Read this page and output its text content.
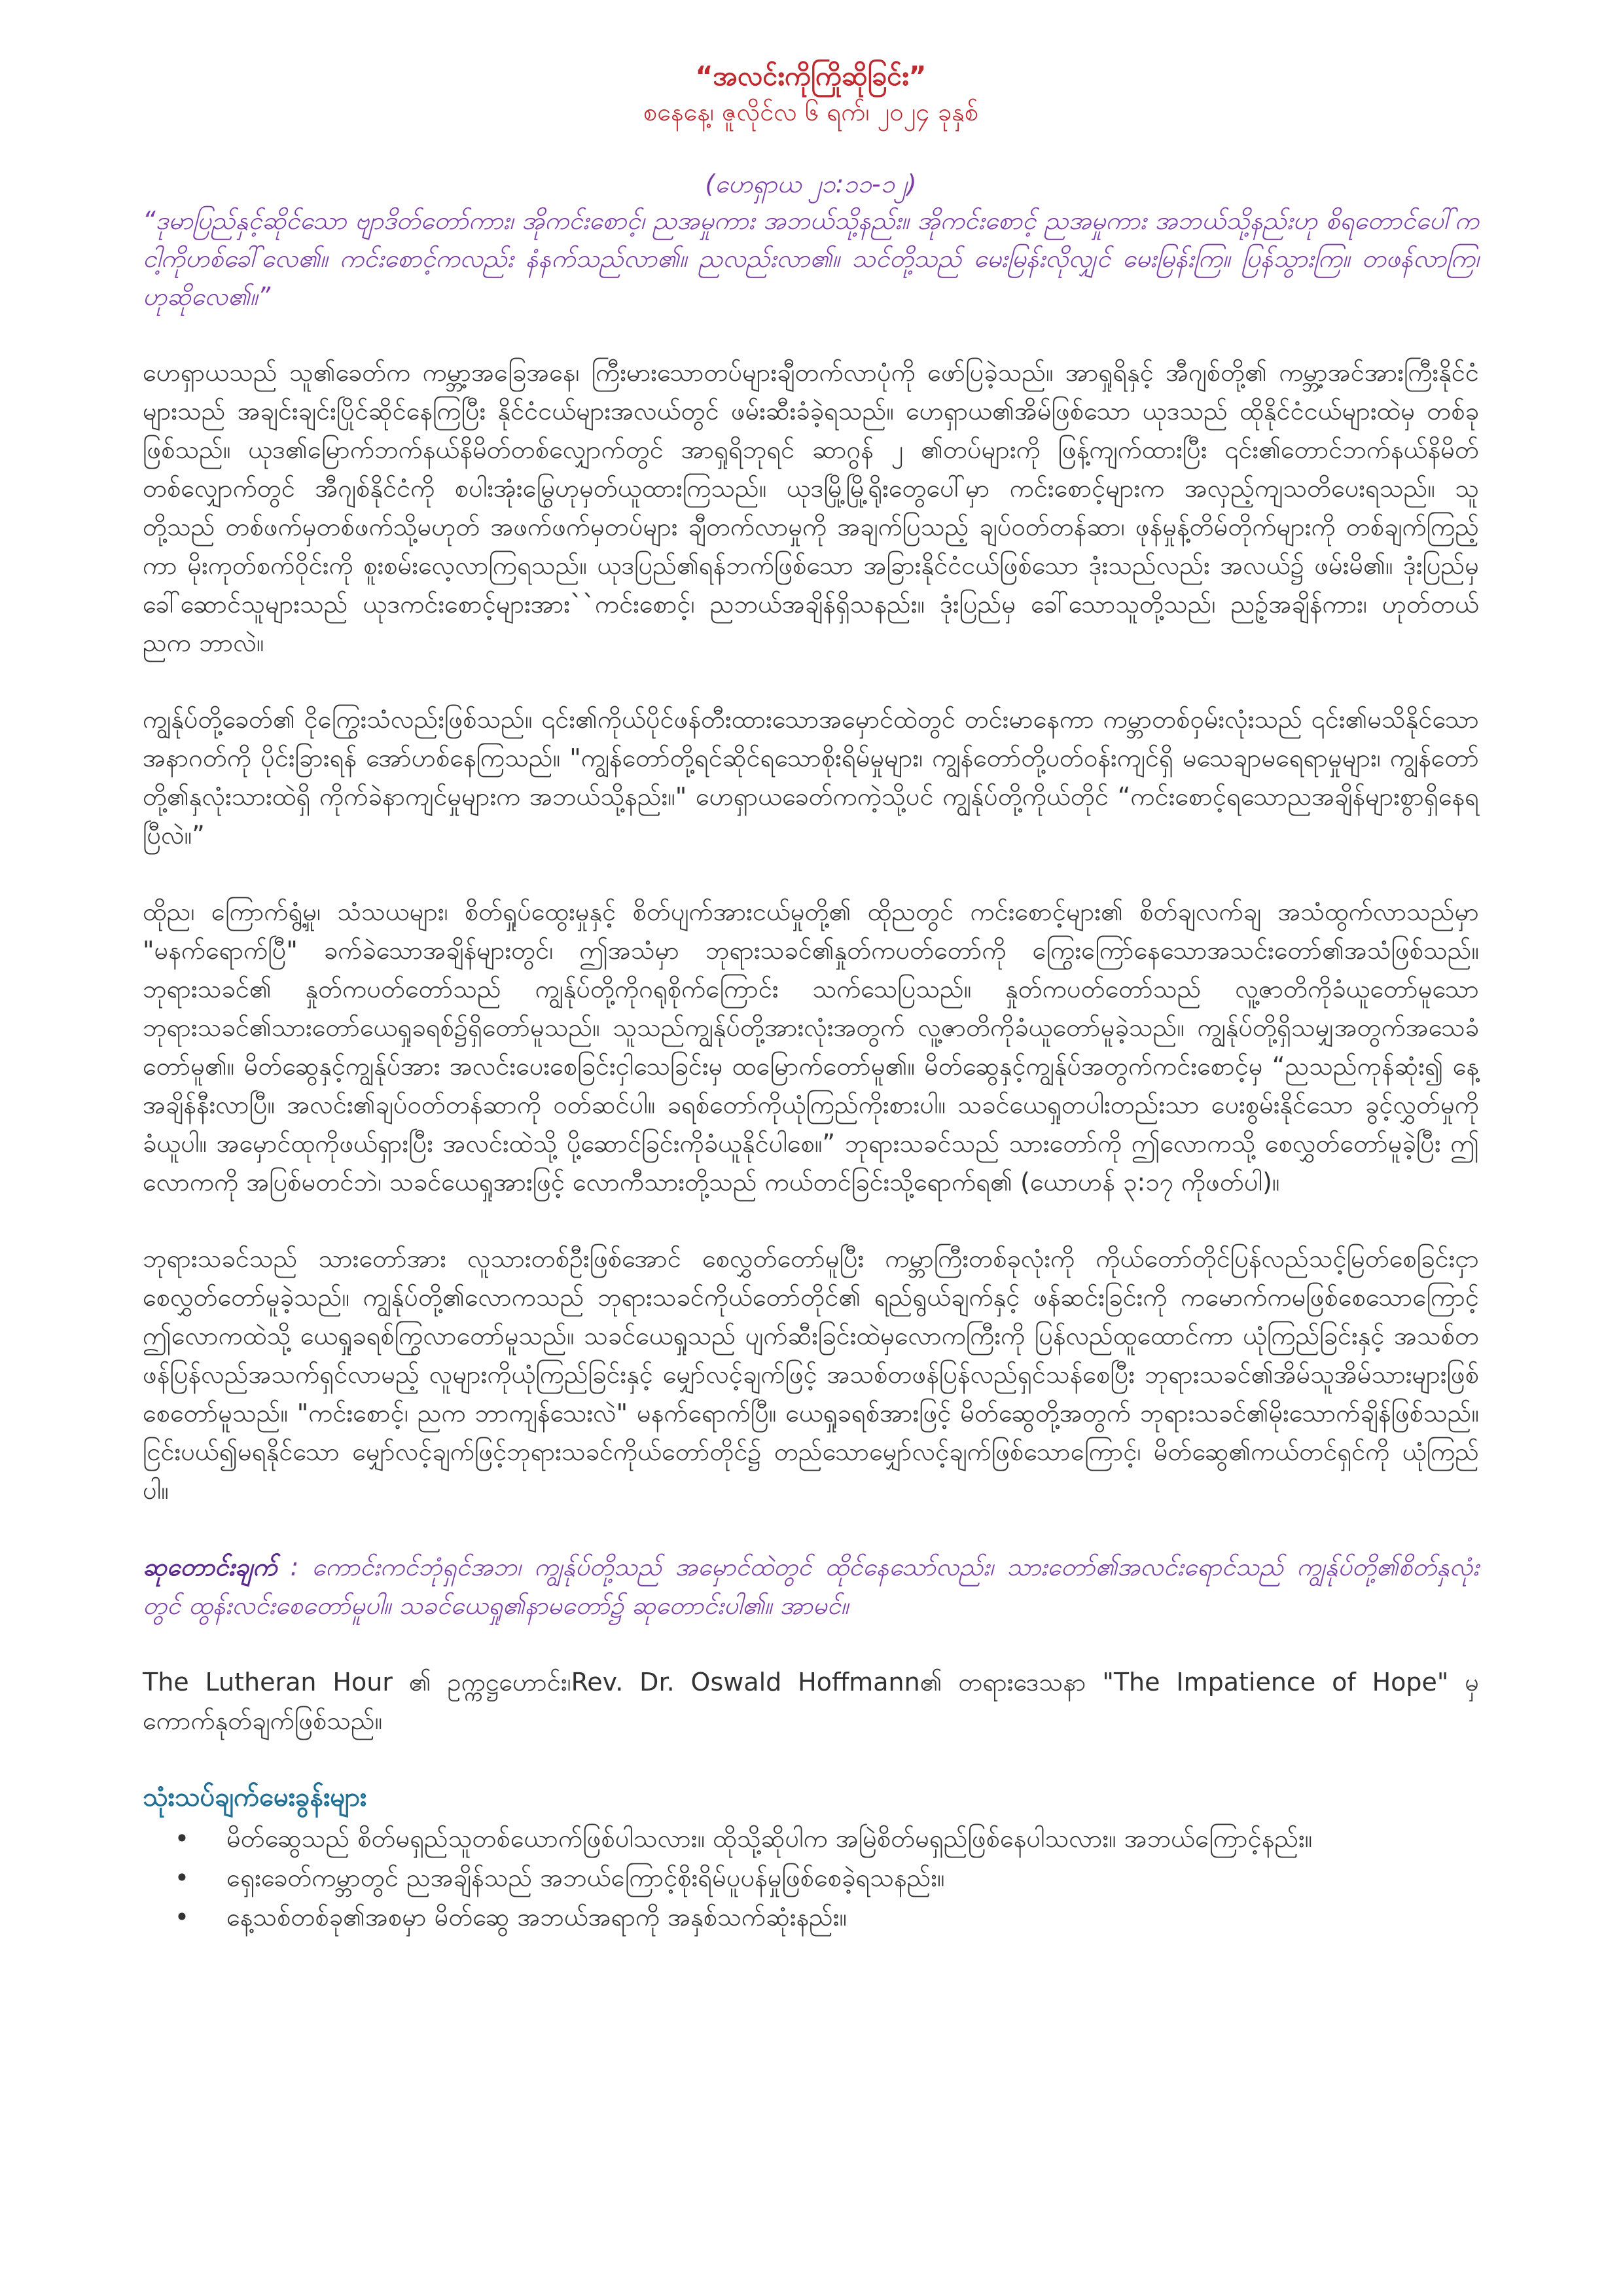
“အလင်းကိုကြိုဆိုခြင်း”
စနေနေ့၊ ဇူလိုင်လ ၆ ရက်၊ ၂၀၂၄ ခုနှစ်
(ဟေရှာယ ၂၁:၁၁-၁၂)

“ဒုမာပြည်နှင့်ဆိုင်သော ဗျာဒိတ်တော်ကား၊ အိုကင်းစောင့်၊ ညအမှုကား အဘယ်သို့နည်း။ အိုကင်းစောင့် ညအမှုကား အဘယ်သို့နည်းဟု စိရတောင်ပေါ်က ငါ့ကိုဟစ်ခေါ်လေ၏။ ကင်းစောင့်ကလည်း နံနက်သည်လာ၏။ ညလည်းလာ၏။ သင်တို့သည် မေးမြန်းလိုလျှင် မေးမြန်းကြ။ ပြန်သွားကြ။ တဖန်လာကြ၊ ဟုဆိုလေ၏။”

ဟေရှာယသည် သူ၏ခေတ်က ကမ္ဘာ့အခြေအနေ၊ ကြီးမားသောတပ်များချီတက်လာပုံကို ဖော်ပြခဲ့သည်။ အာရှုရိနှင့် အီဂျစ်တို့၏ ကမ္ဘာ့အင်အားကြီးနိုင်ငံများသည် အချင်းချင်းပြိုင်ဆိုင်နေကြပြီး နိုင်ငံငယ်များအလယ်တွင် ဖမ်းဆီးခံခဲ့ရသည်။ ဟေရှာယ၏အိမ်ဖြစ်သော ယုဒသည် ထိုနိုင်ငံငယ်များထဲမှ တစ်ခုဖြစ်သည်။ ယုဒ၏မြောက်ဘက်နယ်နိမိတ်တစ်လျှောက်တွင် အာရှုရိဘုရင် ဆာဂွန် ၂ ၏တပ်များကို ဖြန့်ကျက်ထားပြီး ၎င်း၏တောင်ဘက်နယ်နိမိတ်တစ်လျှောက်တွင် အီဂျစ်နိုင်ငံကို စပါးအုံးမြွေဟုမှတ်ယူထားကြသည်။ ယုဒမြို့မြို့ရိုးတွေပေါ်မှာ ကင်းစောင့်များက အလှည့်ကျသတိပေးရသည်။ သူတို့သည် တစ်ဖက်မှတစ်ဖက်သို့မဟုတ် အဖက်ဖက်မှတပ်များ ချီတက်လာမှုကို အချက်ပြသည့် ချပ်ဝတ်တန်ဆာ၊ ဖုန်မှုန့်တိမ်တိုက်များကို တစ်ချက်ကြည့်ကာ မိုးကုတ်စက်ဝိုင်းကို စူးစမ်းလေ့လာကြရသည်။ ယုဒပြည်၏ရန်ဘက်ဖြစ်သော အခြားနိုင်ငံငယ်ဖြစ်သော ဒုံးသည်လည်း အလယ်၌ ဖမ်းမိ၏။ ဒုံးပြည်မှခေါ်ဆောင်သူများသည် ယုဒကင်းစောင့်များအား``ကင်းစောင့်၊ ညဘယ်အချိန်ရှိသနည်း။ ဒုံးပြည်မှ ခေါ်သောသူတို့သည်၊ ညဥ့်အချိန်ကား၊ ဟုတ်တယ် ညက ဘာလဲ။

ကျွန်ုပ်တို့ခေတ်၏ ငိုကြွေးသံလည်းဖြစ်သည်။ ၎င်း၏ကိုယ်ပိုင်ဖန်တီးထားသောအမှောင်ထဲတွင် တင်းမာနေကာ ကမ္ဘာတစ်ဝှမ်းလုံးသည် ၎င်း၏မသိနိုင်သောအနာဂတ်ကို ပိုင်းခြားရန် အော်ဟစ်နေကြသည်။ "ကျွန်တော်တို့ရင်ဆိုင်ရသောစိုးရိမ်မှုများ၊ ကျွန်တော်တို့ပတ်ဝန်းကျင်ရှိ မသေချာမရေရာမှုများ၊ ကျွန်တော်တို့၏နှလုံးသားထဲရှိ ကိုက်ခဲနာကျင်မှုများက အဘယ်သို့နည်း။" ဟေရှာယခေတ်ကကဲ့သို့ပင် ကျွန်ုပ်တို့ကိုယ်တိုင် “ကင်းစောင့်ရသောညအချိန်များစွာရှိနေရပြီလဲ။”

ထိုည၊ ကြောက်ရွံ့မှု၊ သံသယများ၊ စိတ်ရှုပ်ထွေးမှုနှင့် စိတ်ပျက်အားငယ်မှုတို့၏ ထိုညတွင် ကင်းစောင့်များ၏ စိတ်ချလက်ချ အသံထွက်လာသည်မှာ "မနက်ရောက်ပြီ" ခက်ခဲသောအချိန်များတွင်၊ ဤအသံမှာ ဘုရားသခင်၏နှုတ်ကပတ်တော်ကို ကြွေးကြော်နေသောအသင်းတော်၏အသံဖြစ်သည်။ ဘုရားသခင်၏ နှုတ်ကပတ်တော်သည် ကျွန်ုပ်တို့ကိုဂရုစိုက်ကြောင်း သက်သေပြသည်။ နှုတ်ကပတ်တော်သည် လူ့ဇာတိကိုခံယူတော်မူသော ဘုရားသခင်၏သားတော်ယေရှုခရစ်၌ရှိတော်မူသည်။ သူသည်ကျွန်ုပ်တို့အားလုံးအတွက် လူ့ဇာတိကိုခံယူတော်မူခဲ့သည်။ ကျွန်ုပ်တို့ရှိသမျှအတွက်အသေခံတော်မူ၏။ မိတ်ဆွေနှင့်ကျွန်ုပ်အား အလင်းပေးစေခြင်းငှါသေခြင်းမှ ထမြောက်တော်မူ၏။ မိတ်ဆွေနှင့်ကျွန်ုပ်အတွက်ကင်းစောင့်မှ “ညသည်ကုန်ဆုံး၍ နေ့အချိန်နီးလာပြီ။ အလင်း၏ချပ်ဝတ်တန်ဆာကို ဝတ်ဆင်ပါ။ ခရစ်တော်ကိုယုံကြည်ကိုးစားပါ။ သခင်ယေရှုတပါးတည်းသာ ပေးစွမ်းနိုင်သော ခွင့်လွှတ်မှုကိုခံယူပါ။ အမှောင်ထုကိုဖယ်ရှားပြီး အလင်းထဲသို့ ပို့ဆောင်ခြင်းကိုခံယူနိုင်ပါစေ။” ဘုရားသခင်သည် သားတော်ကို ဤလောကသို့ စေလွှတ်တော်မူခဲ့ပြီး ဤလောကကို အပြစ်မတင်ဘဲ၊ သခင်ယေရှုအားဖြင့် လောကီသားတို့သည် ကယ်တင်ခြင်းသို့ရောက်ရ၏ (ယောဟန် ၃:၁၇ ကိုဖတ်ပါ)။

ဘုရားသခင်သည် သားတော်အား လူသားတစ်ဦးဖြစ်အောင် စေလွှတ်တော်မူပြီး ကမ္ဘာကြီးတစ်ခုလုံးကို ကိုယ်တော်တိုင်ပြန်လည်သင့်မြတ်စေခြင်းငှာစေလွှတ်တော်မူခဲ့သည်။ ကျွန်ုပ်တို့၏လောကသည် ဘုရားသခင်ကိုယ်တော်တိုင်၏ ရည်ရွယ်ချက်နှင့် ဖန်ဆင်းခြင်းကို ကမောက်ကမဖြစ်စေသောကြောင့် ဤလောကထဲသို့ ယေရှုခရစ်ကြွလာတော်မူသည်။ သခင်ယေရှုသည် ပျက်ဆီးခြင်းထဲမှလောကကြီးကို ပြန်လည်ထူထောင်ကာ ယုံကြည်ခြင်းနှင့် အသစ်တဖန်ပြန်လည်အသက်ရှင်လာမည့် လူများကိုယုံကြည်ခြင်းနှင့် မျှော်လင့်ချက်ဖြင့် အသစ်တဖန်ပြန်လည်ရှင်သန်စေပြီး ဘုရားသခင်၏အိမ်သူအိမ်သားများဖြစ်စေတော်မူသည်။ "ကင်းစောင့်၊ ညက ဘာကျန်သေးလဲ" မနက်ရောက်ပြီ။ ယေရှုခရစ်အားဖြင့် မိတ်ဆွေတို့အတွက် ဘုရားသခင်၏မိုးသောက်ချိန်ဖြစ်သည်။ ငြင်းပယ်၍မရနိုင်သော မျှော်လင့်ချက်ဖြင့်ဘုရားသခင်ကိုယ်တော်တိုင်၌ တည်သောမျှော်လင့်ချက်ဖြစ်သောကြောင့်၊ မိတ်ဆွေ၏ကယ်တင်ရှင်ကို ယုံကြည်ပါ။

ဆုတောင်းချက် : ကောင်းကင်ဘုံရှင်အဘ၊ ကျွန်ုပ်တို့သည် အမှောင်ထဲတွင် ထိုင်နေသော်လည်း၊ သားတော်၏အလင်းရောင်သည် ကျွန်ုပ်တို့၏စိတ်နှလုံးတွင် ထွန်းလင်းစေတော်မူပါ။ သခင်ယေရှု၏နာမတော်၌ ဆုတောင်းပါ၏။ အာမင်။

The Lutheran Hour ၏ ဥက္ကဋ္ဌဟောင်း၊Rev. Dr. Oswald Hoffmann၏ တရားဒေသနာ "The Impatience of Hope" မှ ကောက်နုတ်ချက်ဖြစ်သည်။

သုံးသပ်ချက်မေးခွန်းများ

• မိတ်ဆွေသည် စိတ်မရှည်သူတစ်ယောက်ဖြစ်ပါသလား။ ထိုသို့ဆိုပါက အမြဲစိတ်မရှည်ဖြစ်နေပါသလား။ အဘယ်ကြောင့်နည်း။
• ရှေးခေတ်ကမ္ဘာတွင် ညအချိန်သည် အဘယ်ကြောင့်စိုးရိမ်ပူပန်မှုဖြစ်စေခဲ့ရသနည်း။
• နေ့သစ်တစ်ခု၏အစမှာ မိတ်ဆွေ အဘယ်အရာကို အနှစ်သက်ဆုံးနည်း။
